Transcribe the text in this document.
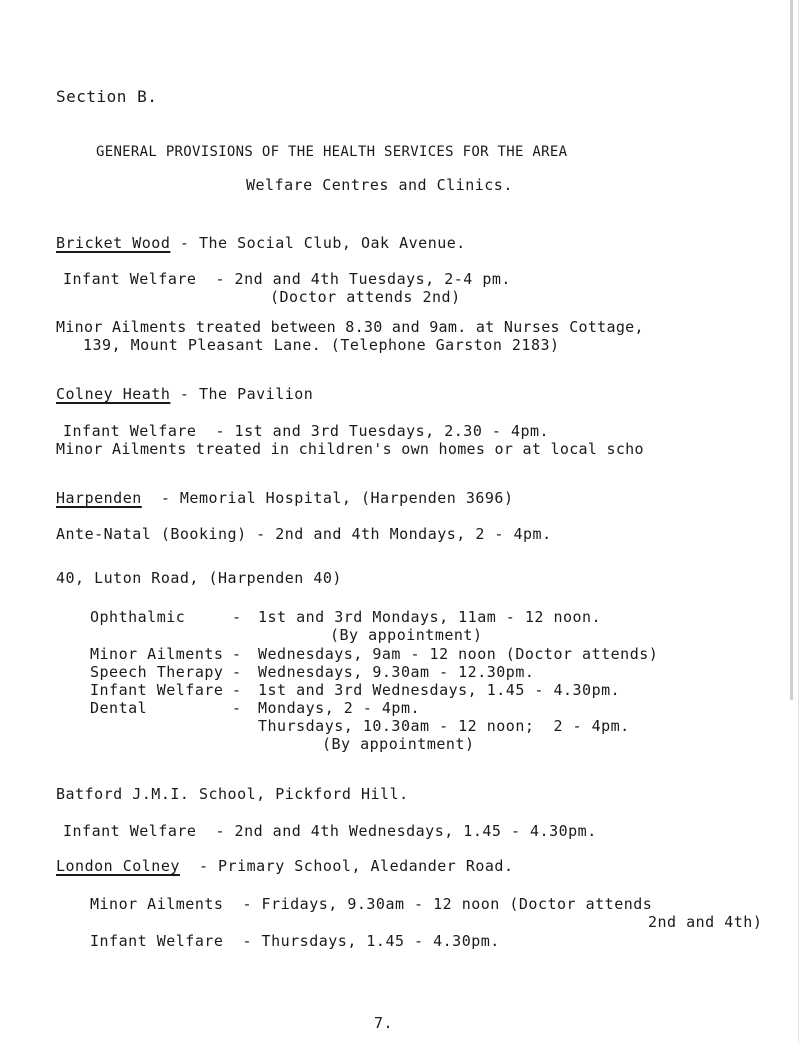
Section B.
GENERAL PROVISIONS OF THE HEALTH SERVICES FOR THE AREA
Welfare Centres and Clinics.
Bricket Wood - The Social Club, Oak Avenue.
Infant Welfare  - 2nd and 4th Tuesdays, 2-4 pm.
(Doctor attends 2nd)
Minor Ailments treated between 8.30 and 9am. at Nurses Cottage,
139, Mount Pleasant Lane. (Telephone Garston 2183)
Colney Heath - The Pavilion
Infant Welfare  - 1st and 3rd Tuesdays, 2.30 - 4pm.
Minor Ailments treated in children's own homes or at local scho
Harpenden  - Memorial Hospital, (Harpenden 3696)
Ante-Natal (Booking) - 2nd and 4th Mondays, 2 - 4pm.
40, Luton Road, (Harpenden 40)
Ophthalmic	- 1st and 3rd Mondays, 11am - 12 noon.
(By appointment)
Minor Ailments - Wednesdays, 9am - 12 noon (Doctor attends)
Speech Therapy - Wednesdays, 9.30am - 12.30pm.
Infant Welfare - 1st and 3rd Wednesdays, 1.45 - 4.30pm.
Dental	- Mondays, 2 - 4pm.
Thursdays, 10.30am - 12 noon;  2 - 4pm.
(By appointment)
Batford J.M.I. School, Pickford Hill.
Infant Welfare  - 2nd and 4th Wednesdays, 1.45 - 4.30pm.
London Colney  - Primary School, Aledander Road.
Minor Ailments  - Fridays, 9.30am - 12 noon (Doctor attends
2nd and 4th)
Infant Welfare  - Thursdays, 1.45 - 4.30pm.
7.
